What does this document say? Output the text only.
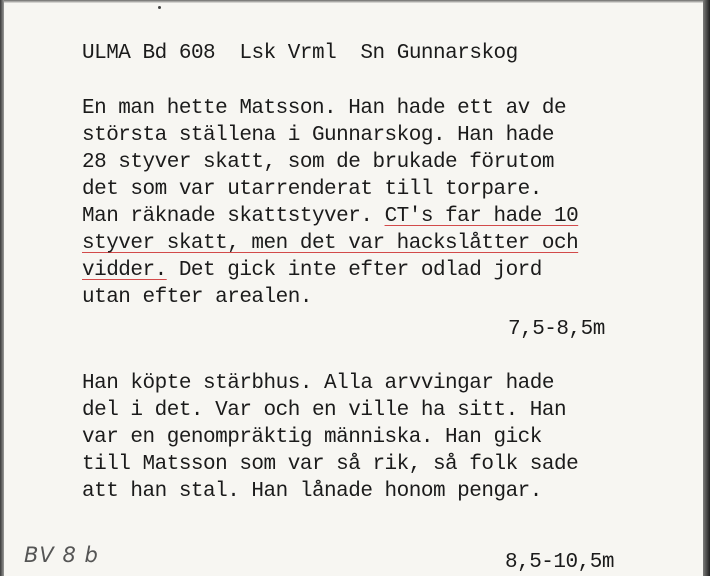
ULMA Bd 608 Lsk Vrml Sn Gunnarskog
En man hette Matsson. Han hade ett av de
största ställena i Gunnarskog. Han hade
28 styver skatt, som de brukade förutom
det som var utarrenderat till torpare.
Man räknade skattstyver. CT's far hade 10
styver skatt, men det var hackslåtter och
vidder. Det gick inte efter odlad jord
utan efter arealen.
7,5-8,5m
Han köpte stärbhus. Alla arvvingar hade
del i det. Var och en ville ha sitt. Han
var en genompräktig människa. Han gick
till Matsson som var så rik, så folk sade
att han stal. Han lånade honom pengar.
8,5-10,5m
BV 8 b
